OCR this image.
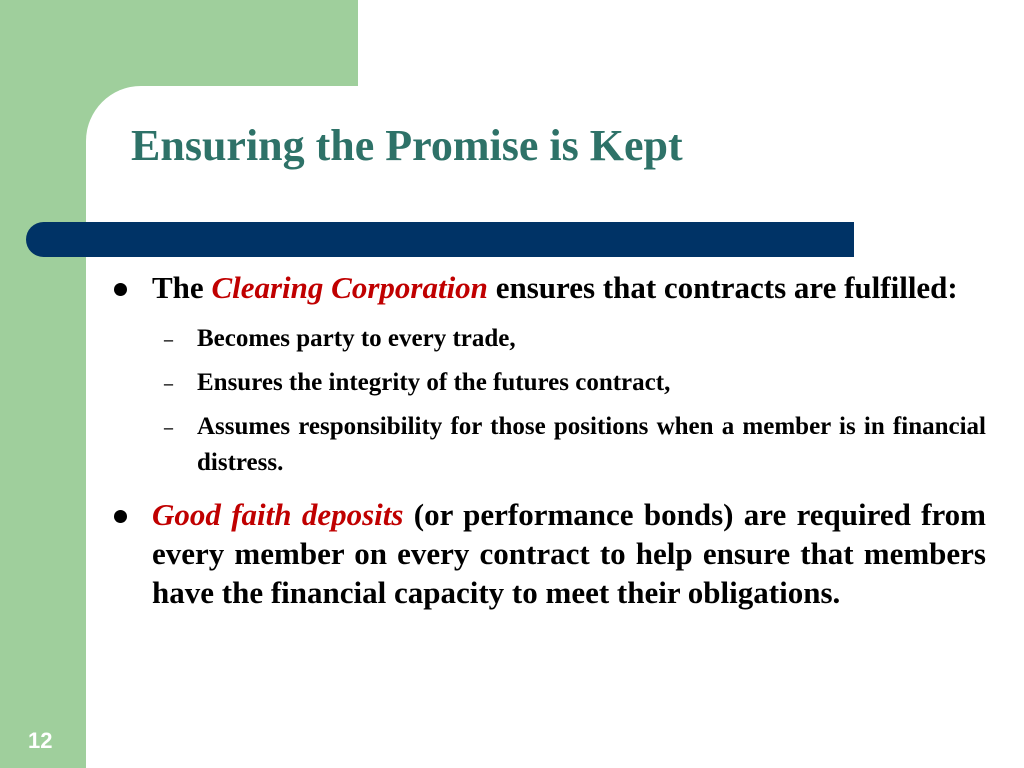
Ensuring the Promise is Kept
The Clearing Corporation ensures that contracts are fulfilled:
– Becomes party to every trade,
– Ensures the integrity of the futures contract,
– Assumes responsibility for those positions when a member is in financial distress.
Good faith deposits (or performance bonds) are required from every member on every contract to help ensure that members have the financial capacity to meet their obligations.
12
